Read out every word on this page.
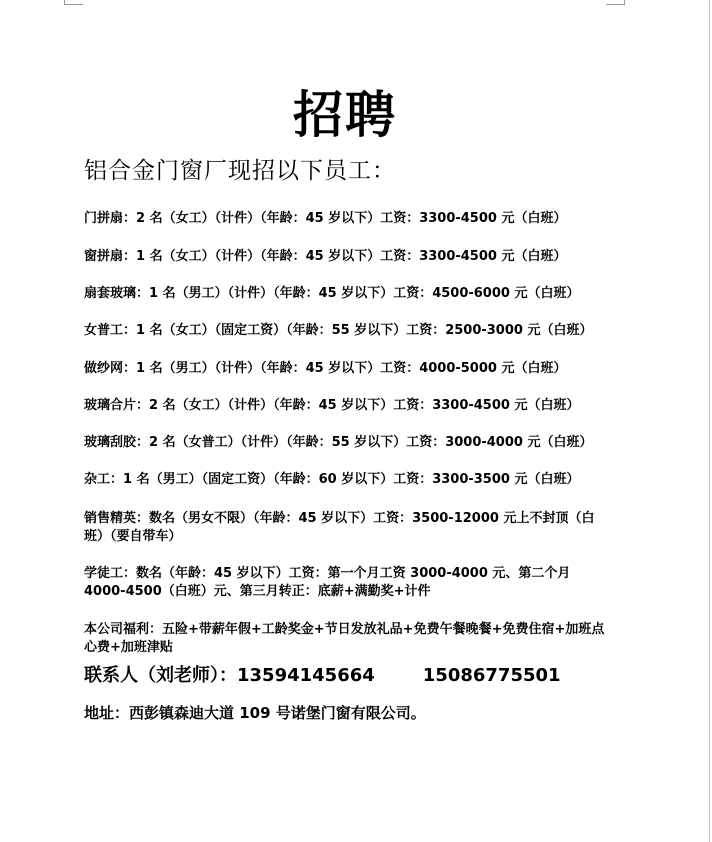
招聘
铝合金门窗厂现招以下员工：
门拼扇：2 名（女工）（计件）（年龄：45 岁以下）工资：3300-4500 元（白班）
窗拼扇：1 名（女工）（计件）（年龄：45 岁以下）工资：3300-4500 元（白班）
扇套玻璃：1 名（男工）（计件）（年龄：45 岁以下）工资：4500-6000 元（白班）
女普工：1 名（女工）（固定工资）（年龄：55 岁以下）工资：2500-3000 元（白班）
做纱网：1 名（男工）（计件）（年龄：45 岁以下）工资：4000-5000 元（白班）
玻璃合片：2 名（女工）（计件）（年龄：45 岁以下）工资：3300-4500 元（白班）
玻璃刮胶：2 名（女普工）（计件）（年龄：55 岁以下）工资：3000-4000 元（白班）
杂工：1 名（男工）（固定工资）（年龄：60 岁以下）工资：3300-3500 元（白班）
销售精英：数名（男女不限）（年龄：45 岁以下）工资：3500-12000 元上不封顶（白班）（要自带车）
学徒工：数名（年龄：45 岁以下）工资：第一个月工资 3000-4000 元、第二个月 4000-4500（白班）元、第三月转正：底薪+满勤奖+计件
本公司福利：五险+带薪年假+工龄奖金+节日发放礼品+免费午餐晚餐+免费住宿+加班点心费+加班津贴
联系人（刘老师）：13594145664	15086775501
地址：西彭镇森迪大道 109 号诺堡门窗有限公司。
